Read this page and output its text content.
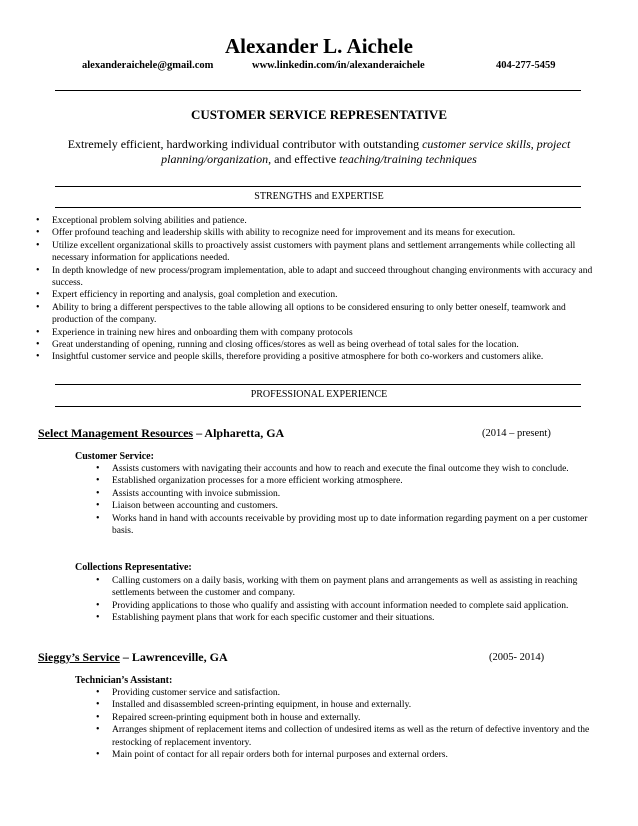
Alexander L. Aichele
alexanderaichele@gmail.com	www.linkedin.com/in/alexanderaichele	404-277-5459
CUSTOMER SERVICE REPRESENTATIVE
Extremely efficient, hardworking individual contributor with outstanding customer service skills, project
planning/organization, and effective teaching/training techniques
STRENGTHS and EXPERTISE
• Exceptional problem solving abilities and patience.
• Offer profound teaching and leadership skills with ability to recognize need for improvement and its means for execution.
• Utilize excellent organizational skills to proactively assist customers with payment plans and settlement arrangements while collecting all necessary information for applications needed.
• In depth knowledge of new process/program implementation, able to adapt and succeed throughout changing environments with accuracy and success.
• Expert efficiency in reporting and analysis, goal completion and execution.
• Ability to bring a different perspectives to the table allowing all options to be considered ensuring to only better oneself, teamwork and production of the company.
• Experience in training new hires and onboarding them with company protocols
• Great understanding of opening, running and closing offices/stores as well as being overhead of total sales for the location.
• Insightful customer service and people skills, therefore providing a positive atmosphere for both co-workers and customers alike.
PROFESSIONAL EXPERIENCE
Select Management Resources – Alpharetta, GA	(2014 – present)
Customer Service:
• Assists customers with navigating their accounts and how to reach and execute the final outcome they wish to conclude.
• Established organization processes for a more efficient working atmosphere.
• Assists accounting with invoice submission.
• Liaison between accounting and customers.
• Works hand in hand with accounts receivable by providing most up to date information regarding payment on a per customer basis.
Collections Representative:
• Calling customers on a daily basis, working with them on payment plans and arrangements as well as assisting in reaching settlements between the customer and company.
• Providing applications to those who qualify and assisting with account information needed to complete said application.
• Establishing payment plans that work for each specific customer and their situations.
Sieggy’s Service – Lawrenceville, GA	(2005- 2014)
Technician’s Assistant:
• Providing customer service and satisfaction.
• Installed and disassembled screen-printing equipment, in house and externally.
• Repaired screen-printing equipment both in house and externally.
• Arranges shipment of replacement items and collection of undesired items as well as the return of defective inventory and the restocking of replacement inventory.
• Main point of contact for all repair orders both for internal purposes and external orders.
